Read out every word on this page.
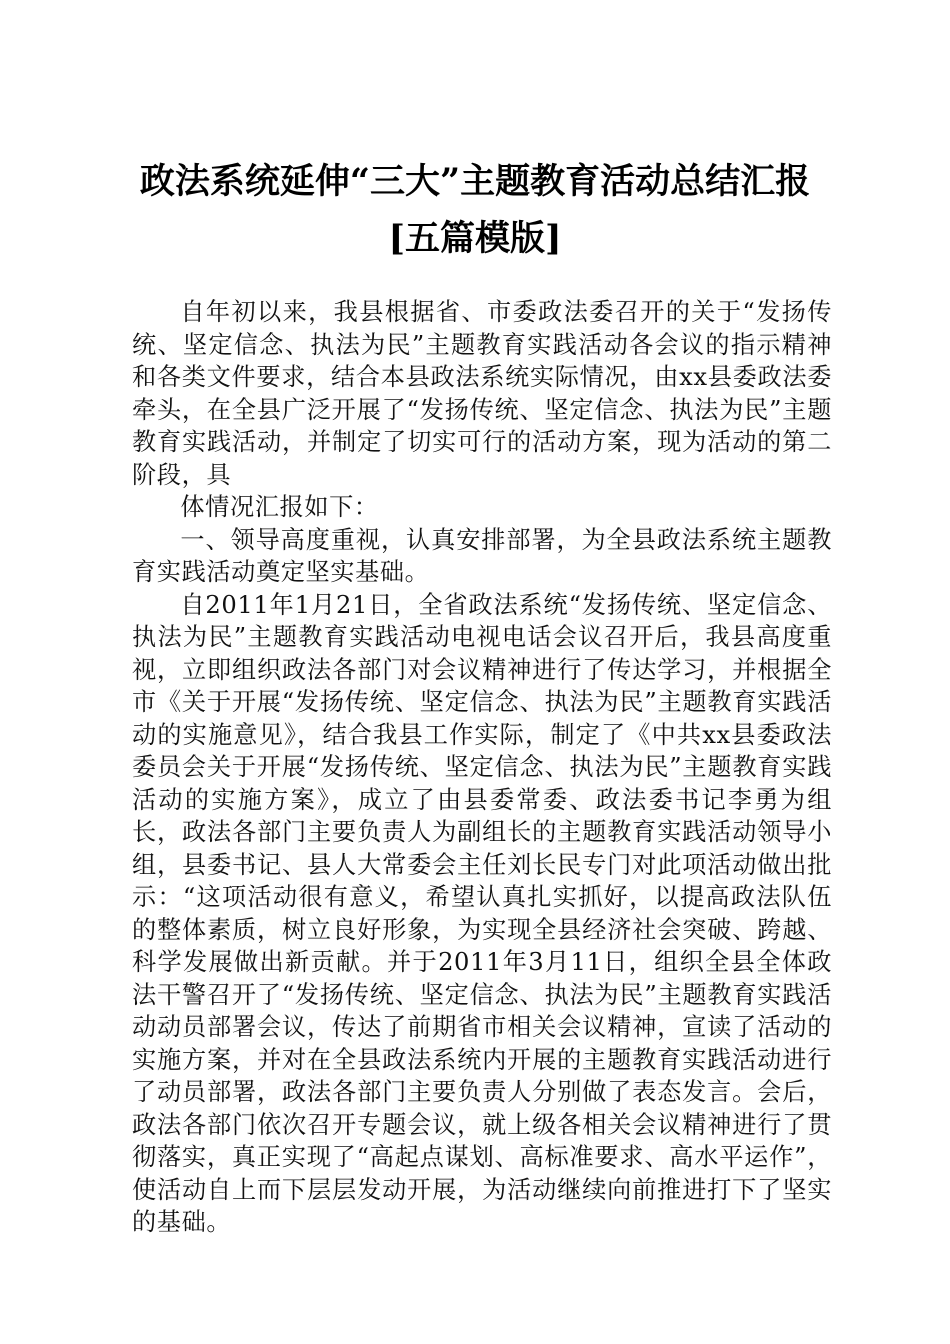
政法系统延伸“三大”主题教育活动总结汇报
[五篇模版]

自年初以来，我县根据省、市委政法委召开的关于“发扬传统、坚定信念、执法为民”主题教育实践活动各会议的指示精神和各类文件要求，结合本县政法系统实际情况，由xx县委政法委牵头，在全县广泛开展了“发扬传统、坚定信念、执法为民”主题教育实践活动，并制定了切实可行的活动方案，现为活动的第二阶段，具

体情况汇报如下：

一、领导高度重视，认真安排部署，为全县政法系统主题教育实践活动奠定坚实基础。

自2011年1月21日，全省政法系统“发扬传统、坚定信念、执法为民”主题教育实践活动电视电话会议召开后，我县高度重视，立即组织政法各部门对会议精神进行了传达学习，并根据全市《关于开展“发扬传统、坚定信念、执法为民”主题教育实践活动的实施意见》，结合我县工作实际，制定了《中共xx县委政法委员会关于开展“发扬传统、坚定信念、执法为民”主题教育实践活动的实施方案》，成立了由县委常委、政法委书记李勇为组长，政法各部门主要负责人为副组长的主题教育实践活动领导小组，县委书记、县人大常委会主任刘长民专门对此项活动做出批示：“这项活动很有意义，希望认真扎实抓好，以提高政法队伍的整体素质，树立良好形象，为实现全县经济社会突破、跨越、科学发展做出新贡献。并于2011年3月11日，组织全县全体政法干警召开了“发扬传统、坚定信念、执法为民”主题教育实践活动动员部署会议，传达了前期省市相关会议精神，宣读了活动的实施方案，并对在全县政法系统内开展的主题教育实践活动进行了动员部署，政法各部门主要负责人分别做了表态发言。会后，政法各部门依次召开专题会议，就上级各相关会议精神进行了贯彻落实，真正实现了“高起点谋划、高标准要求、高水平运作”，使活动自上而下层层发动开展，为活动继续向前推进打下了坚实的基础。
